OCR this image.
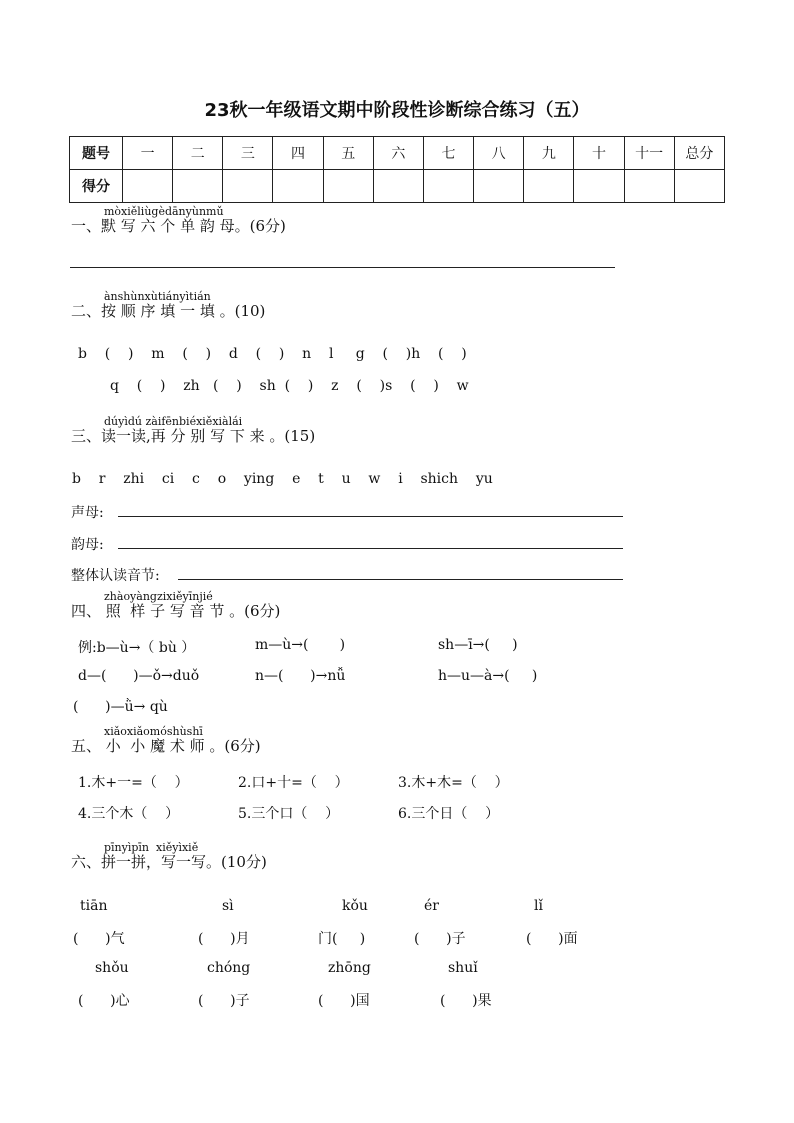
23秋一年级语文期中阶段性诊断综合练习（五）
题号	一	二	三	四	五	六	七	八	九	十	十一	总分
得分												
mòxiěliùgèdānyùnmǔ
一、默 写 六 个 单 韵 母。(6分)
ànshùnxùtiányìtián
二、按 顺 序 填 一 填 。(10)
b    (    )    m    (    )    d    (    )    n    l     g    (    )h    (    )
q    (    )    zh   (    )    sh  (    )    z    (    )s    (    )    w
dúyìdú zàifēnbiéxiěxiàlái
三、读一读,再 分 别 写 下 来 。(15)
b    r    zhi    ci    c    o    ying    e    t    u    w    i    shich    yu
声母:
韵母:
整体认读音节:
zhàoyàngzixiěyīnjié
四、 照  样 子 写 音 节 。(6分)
例:b—ù→（ bù ）	m—ù→(       )	sh—ī→(     )
d—(      )—ǒ→duǒ	n—(      )→nǚ	h—u—à→(     )
(      )—ǜ→ qù
xiǎoxiǎomóshùshī
五、 小  小 魔 术 师 。(6分)
1.木+一=（    ）	2.口+十=（    ）	3.木+木=（    ）
4.三个木（    ）	5.三个口（    ）	6.三个日（    ）
pīnyìpīn  xiěyìxiě
六、拼一拼，写一写。(10分)
tiān	sì	kǒu	ér	lǐ
(      )气	(      )月	门(     )	(      )子	(      )面
shǒu	chóng	zhōng	shuǐ
(      )心	(      )子	(      )国	(      )果
